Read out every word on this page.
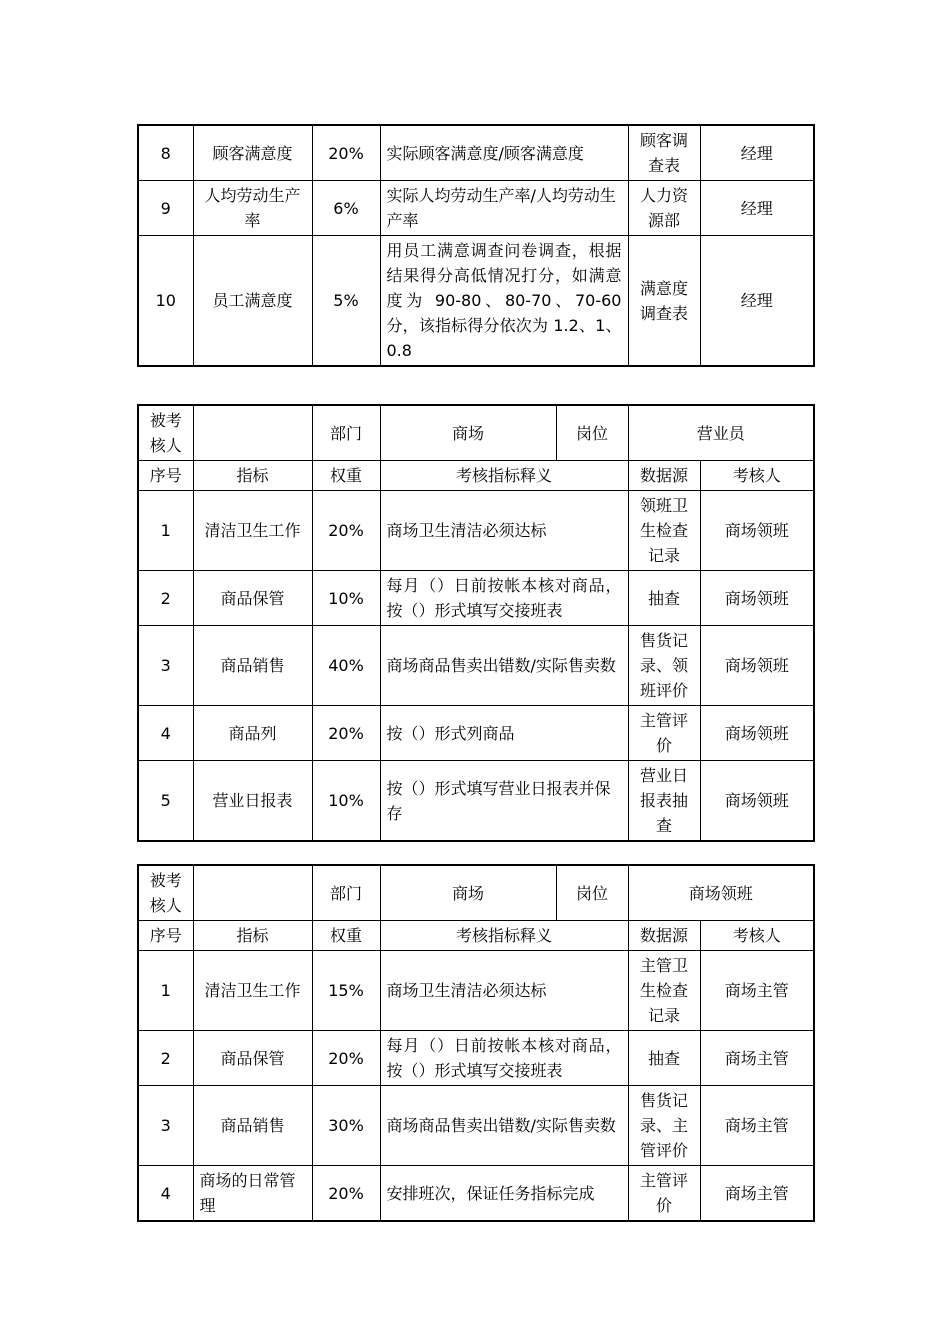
8	顾客满意度	20%	实际顾客满意度/顾客满意度	顾客调查表	经理
9	人均劳动生产率	6%	实际人均劳动生产率/人均劳动生产率	人力资源部	经理
10	员工满意度	5%	用员工满意调查问卷调查，根据结果得分高低情况打分，如满意度为 90-80、80-70、70-60 分，该指标得分依次为 1.2、1、0.8	满意度调查表	经理
被考核人		部门	商场	岗位	营业员	
序号	指标	权重	考核指标释义		数据源	考核人
1	清洁卫生工作	20%	商场卫生清洁必须达标		领班卫生检查记录	商场领班
2	商品保管	10%	每月（）日前按帐本核对商品，按（）形式填写交接班表		抽查	商场领班
3	商品销售	40%	商场商品售卖出错数/实际售卖数		售货记录、领班评价	商场领班
4	商品列	20%	按（）形式列商品		主管评价	商场领班
5	营业日报表	10%	按（）形式填写营业日报表并保存		营业日报表抽查	商场领班
被考核人		部门	商场	岗位	商场领班	
序号	指标	权重	考核指标释义		数据源	考核人
1	清洁卫生工作	15%	商场卫生清洁必须达标		主管卫生检查记录	商场主管
2	商品保管	20%	每月（）日前按帐本核对商品，按（）形式填写交接班表		抽查	商场主管
3	商品销售	30%	商场商品售卖出错数/实际售卖数		售货记录、主管评价	商场主管
4	商场的日常管理	20%	安排班次，保证任务指标完成		主管评价	商场主管
